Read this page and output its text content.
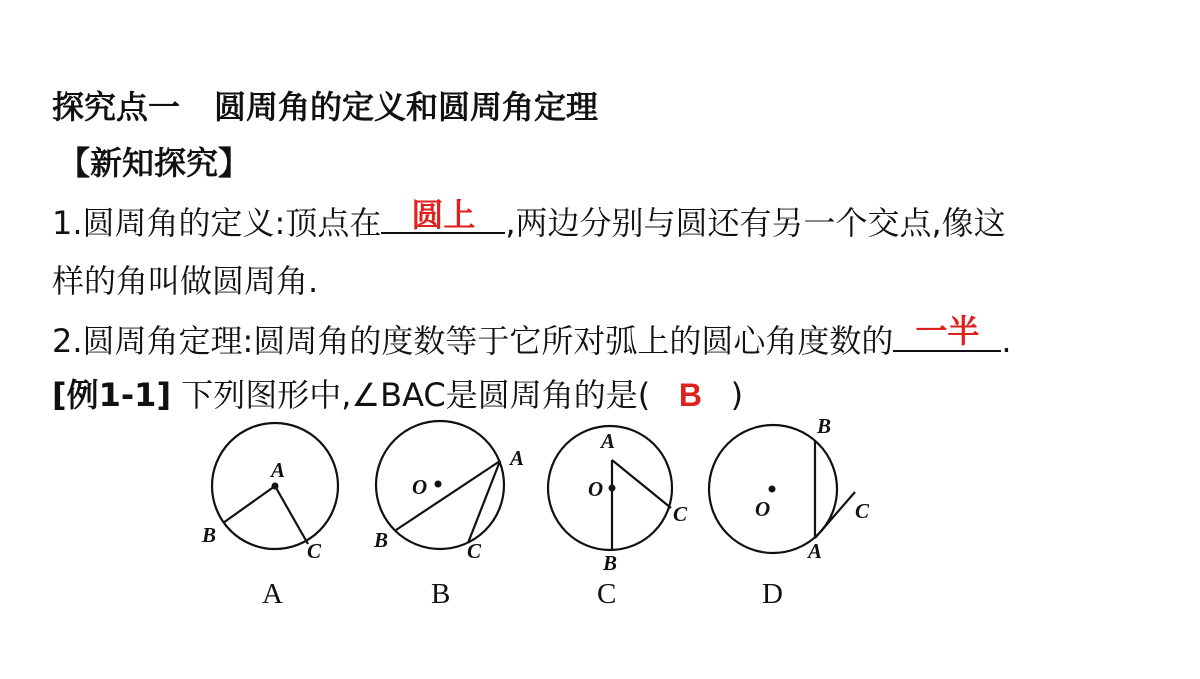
探究点一 圆周角的定义和圆周角定理
【新知探究】
1.圆周角的定义:顶点在 圆上 ,两边分别与圆还有另一个交点,像这
样的角叫做圆周角.
2.圆周角定理:圆周角的度数等于它所对弧上的圆心角度数的 一半 .
[例1-1] 下列图形中,∠BAC是圆周角的是( B )
A
B
C
O
A
B	C
A
O
B
C
B
O
A
C
A	B	C	D
